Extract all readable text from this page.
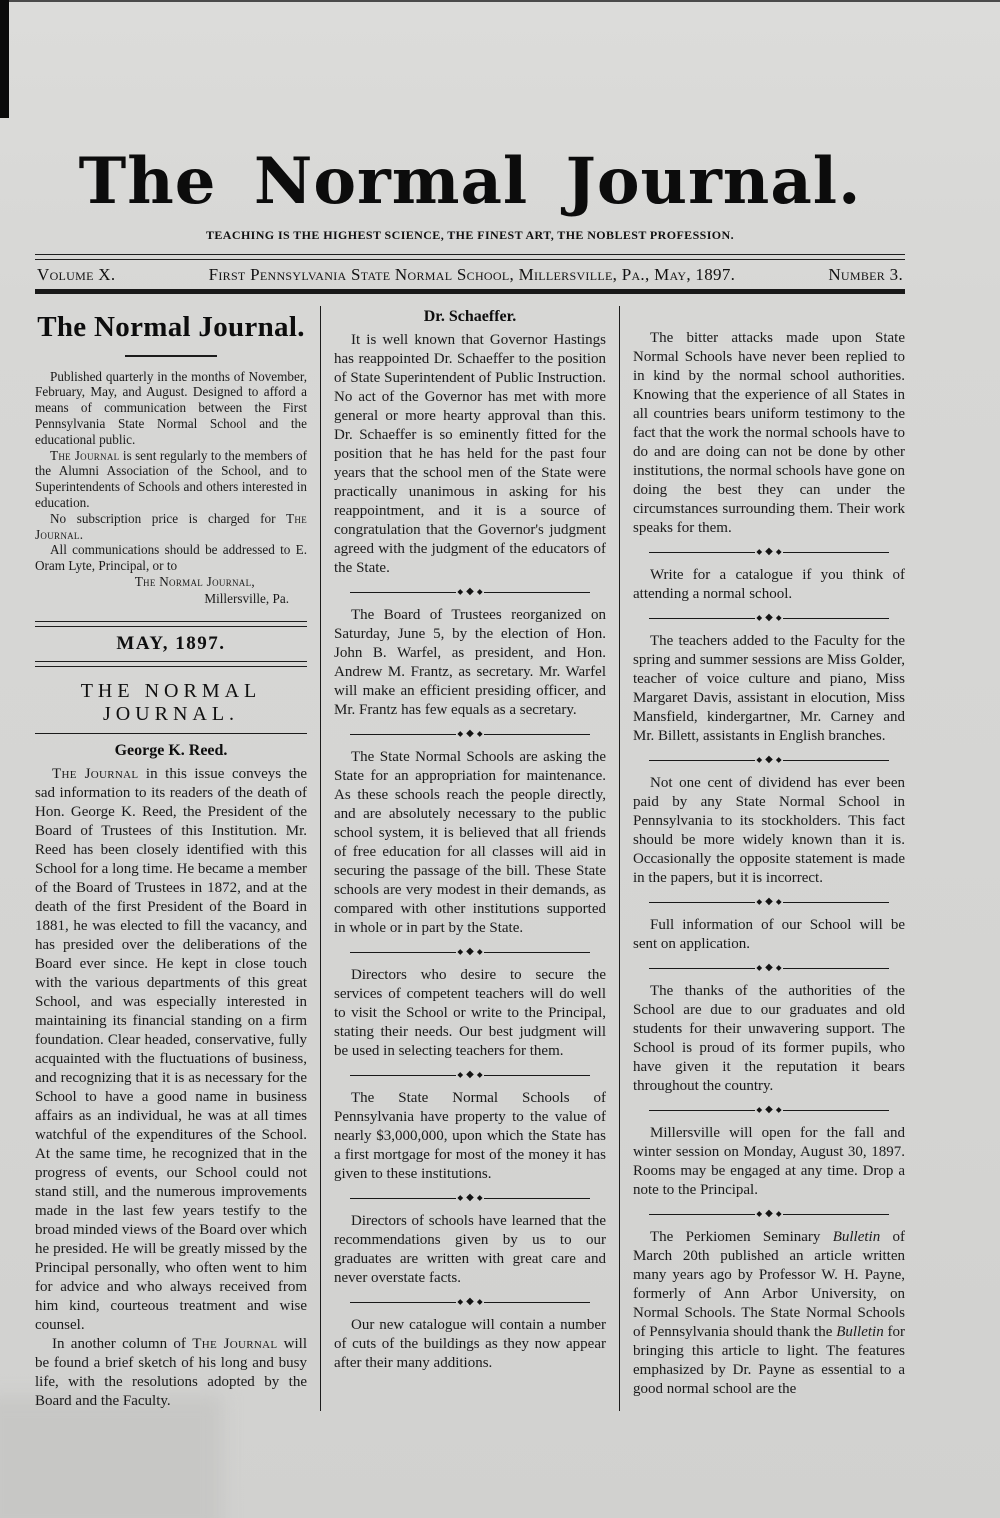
The Normal Journal.
TEACHING IS THE HIGHEST SCIENCE, THE FINEST ART, THE NOBLEST PROFESSION.
Volume X.	First Pennsylvania State Normal School, Millersville, Pa., May, 1897.	Number 3.
The Normal Journal.

Published quarterly in the months of November, February, May, and August. Designed to afford a means of communication between the First Pennsylvania State Normal School and the educational public.

The Journal is sent regularly to the members of the Alumni Association of the School, and to Superintendents of Schools and others interested in education.

No subscription price is charged for The Journal.

All communications should be addressed to E. Oram Lyte, Principal, or to

The Normal Journal,

Millersville, Pa.

MAY, 1897.
THE NORMAL JOURNAL.
George K. Reed.

The Journal in this issue conveys the sad information to its readers of the death of Hon. George K. Reed, the President of the Board of Trustees of this Institution. Mr. Reed has been closely identified with this School for a long time. He became a member of the Board of Trustees in 1872, and at the death of the first President of the Board in 1881, he was elected to fill the vacancy, and has presided over the deliberations of the Board ever since. He kept in close touch with the various departments of this great School, and was especially interested in maintaining its financial standing on a firm foundation. Clear headed, conservative, fully acquainted with the fluctuations of business, and recognizing that it is as necessary for the School to have a good name in business affairs as an individual, he was at all times watchful of the expenditures of the School. At the same time, he recognized that in the progress of events, our School could not stand still, and the numerous improvements made in the last few years testify to the broad minded views of the Board over which he presided. He will be greatly missed by the Principal personally, who often went to him for advice and who always received from him kind, courteous treatment and wise counsel.

In another column of The Journal will be found a brief sketch of his long and busy life, with the resolutions adopted by the Board and the Faculty.

Dr. Schaeffer.

It is well known that Governor Hastings has reappointed Dr. Schaeffer to the position of State Superintendent of Public Instruction. No act of the Governor has met with more general or more hearty approval than this. Dr. Schaeffer is so eminently fitted for the position that he has held for the past four years that the school men of the State were practically unanimous in asking for his reappointment, and it is a source of congratulation that the Governor's judgment agreed with the judgment of the educators of the State.

◆ ◆ ◆

The Board of Trustees reorganized on Saturday, June 5, by the election of Hon. John B. Warfel, as president, and Hon. Andrew M. Frantz, as secretary. Mr. Warfel will make an efficient presiding officer, and Mr. Frantz has few equals as a secretary.

◆ ◆ ◆

The State Normal Schools are asking the State for an appropriation for maintenance. As these schools reach the people directly, and are absolutely necessary to the public school system, it is believed that all friends of free education for all classes will aid in securing the passage of the bill. These State schools are very modest in their demands, as compared with other institutions supported in whole or in part by the State.

◆ ◆ ◆

Directors who desire to secure the services of competent teachers will do well to visit the School or write to the Principal, stating their needs. Our best judgment will be used in selecting teachers for them.

◆ ◆ ◆

The State Normal Schools of Pennsylvania have property to the value of nearly $3,000,000, upon which the State has a first mortgage for most of the money it has given to these institutions.

◆ ◆ ◆

Directors of schools have learned that the recommendations given by us to our graduates are written with great care and never overstate facts.

◆ ◆ ◆

Our new catalogue will contain a number of cuts of the buildings as they now appear after their many additions.

The bitter attacks made upon State Normal Schools have never been replied to in kind by the normal school authorities. Knowing that the experience of all States in all countries bears uniform testimony to the fact that the work the normal schools have to do and are doing can not be done by other institutions, the normal schools have gone on doing the best they can under the circumstances surrounding them. Their work speaks for them.

◆ ◆ ◆

Write for a catalogue if you think of attending a normal school.

◆ ◆ ◆

The teachers added to the Faculty for the spring and summer sessions are Miss Golder, teacher of voice culture and piano, Miss Margaret Davis, assistant in elocution, Miss Mansfield, kindergartner, Mr. Carney and Mr. Billett, assistants in English branches.

◆ ◆ ◆

Not one cent of dividend has ever been paid by any State Normal School in Pennsylvania to its stockholders. This fact should be more widely known than it is. Occasionally the opposite statement is made in the papers, but it is incorrect.

◆ ◆ ◆

Full information of our School will be sent on application.

◆ ◆ ◆

The thanks of the authorities of the School are due to our graduates and old students for their unwavering support. The School is proud of its former pupils, who have given it the reputation it bears throughout the country.

◆ ◆ ◆

Millersville will open for the fall and winter session on Monday, August 30, 1897. Rooms may be engaged at any time. Drop a note to the Principal.

◆ ◆ ◆

The Perkiomen Seminary Bulletin of March 20th published an article written many years ago by Professor W. H. Payne, formerly of Ann Arbor University, on Normal Schools. The State Normal Schools of Pennsylvania should thank the Bulletin for bringing this article to light. The features emphasized by Dr. Payne as essential to a good normal school are the
